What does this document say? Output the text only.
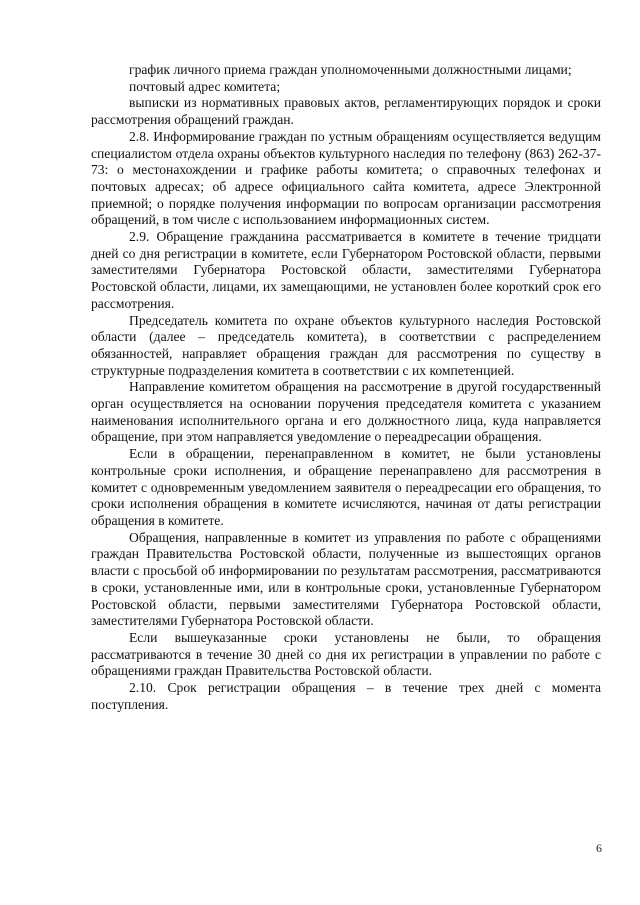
график личного приема граждан уполномоченными должностными лицами;

почтовый адрес комитета;

выписки из нормативных правовых актов, регламентирующих порядок и сроки рассмотрения обращений граждан.

2.8. Информирование граждан по устным обращениям осуществляется ведущим специалистом отдела охраны объектов культурного наследия по телефону (863) 262-37-73: о местонахождении и графике работы комитета; о справочных телефонах и почтовых адресах; об адресе официального сайта комитета, адресе Электронной приемной; о порядке получения информации по вопросам организации рассмотрения обращений, в том числе с использованием информационных систем.

2.9. Обращение гражданина рассматривается в комитете в течение тридцати дней со дня регистрации в комитете, если Губернатором Ростовской области, первыми заместителями Губернатора Ростовской области, заместителями Губернатора Ростовской области, лицами, их замещающими, не установлен более короткий срок его рассмотрения.

Председатель комитета по охране объектов культурного наследия Ростовской области (далее – председатель комитета), в соответствии с распределением обязанностей, направляет обращения граждан для рассмотрения по существу в структурные подразделения комитета в соответствии с их компетенцией.

Направление комитетом обращения на рассмотрение в другой государственный орган осуществляется на основании поручения председателя комитета с указанием наименования исполнительного органа и его должностного лица, куда направляется обращение, при этом направляется уведомление о переадресации обращения.

Если в обращении, перенаправленном в комитет, не были установлены контрольные сроки исполнения, и обращение перенаправлено для рассмотрения в комитет с одновременным уведомлением заявителя о переадресации его обращения, то сроки исполнения обращения в комитете исчисляются, начиная от даты регистрации обращения в комитете.

Обращения, направленные в комитет из управления по работе с обращениями граждан Правительства Ростовской области, полученные из вышестоящих органов власти с просьбой об информировании по результатам рассмотрения, рассматриваются в сроки, установленные ими, или в контрольные сроки, установленные Губернатором Ростовской области, первыми заместителями Губернатора Ростовской области, заместителями Губернатора Ростовской области.

Если вышеуказанные сроки установлены не были, то обращения рассматриваются в течение 30 дней со дня их регистрации в управлении по работе с обращениями граждан Правительства Ростовской области.

2.10. Срок регистрации обращения – в течение трех дней с момента поступления.

6
